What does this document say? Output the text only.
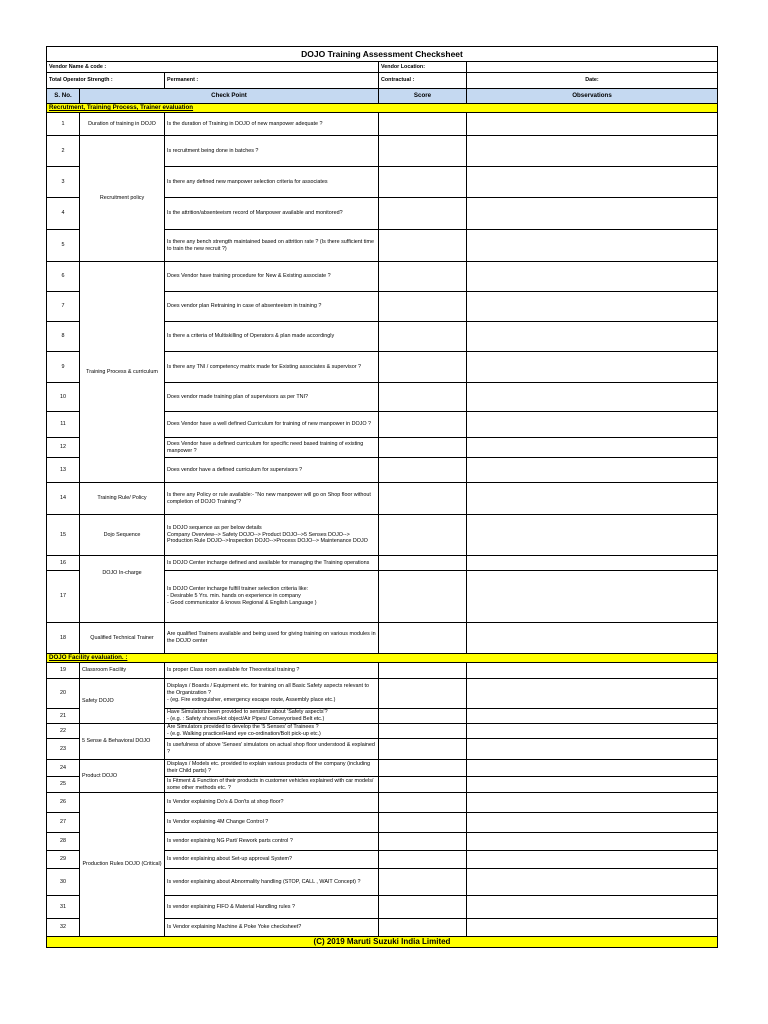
DOJO Training Assessment Checksheet				
Vendor Name & code :			Vendor Location:	
Total Operator Strength :		Permanent :	Contractual :	Date:
S. No.	Check Point		Score	Observations
Recrutment, Training Process, Trainer evaluation				
1	Duration of training in DOJO	Is the duration of Training in DOJO of new manpower adequate ?		
2	Recruitment policy	Is recruitment being done in batches ?		
3		Is there any defined new manpower selection criteria for associates		
4		Is the attrition/absenteeism record of Manpower available and monitored?		
5		Is there any bench strength maintained based on attrition rate ? (Is there sufficient time to train the new recruit ?)		
6	Training Process & curriculum	Does Vendor have training procedure for New & Existing associate ?		
7		Does vendor plan Retraining in case of absenteeism in training ?		
8		Is there a criteria of Multiskilling of Operators & plan made accordingly		
9		Is there any TNI / competency matrix made for Existing associates & supervisor ?		
10		Does vendor made training plan of supervisors as per TNI?		
11		Does Vendor have a well defined Curriculum for training of new manpower in DOJO ?		
12		Does Vendor have a defined curriculum for specific need based training of existing manpower ?		
13		Does vendor have a defined curriculum for supervisors ?		
14	Training Rule/ Policy	Is there any Policy or rule available:- "No new manpower will go on Shop floor without completion of DOJO Training"?		
15	Dojo Sequence	Is DOJO sequence as per below details
Company Overview--> Safety DOJO--> Product DOJO-->5 Senses DOJO--> Production Rule DOJO-->Inspection DOJO-->Process DOJO--> Maintenance DOJO		

16	DOJO In-charge	Is DOJO Center incharge defined and available for managing the Training operations		
17		Is DOJO Center incharge fulfill trainer selection criteria like:
- Desirable 5 Yrs. min. hands on experience in company
- Good communicator & knows Regional & English Language )		

18	Qualified Technical Trainer	Are qualified Trainers available and being used for giving training on various modules in the DOJO center		
DOJO Facility evaluation. :				
19	Classroom Facility	Is proper Class room available for Theoretical training ?		
20	Safety DOJO	Displays / Boards / Equipment etc. for training on all Basic Safety aspects relevant to the Organization ?
- (eg. Fire extinguisher, emergency escape route, Assembly place etc.)		

21		Have Simulators been provided to sensitize about 'Safety aspects'?
- (e.g. : Safety shoes/Hot object/Air Pipes/ Conveyorised Belt etc.)		

22	5 Sense & Behavioral DOJO	Are Simulators provided to develop the '5 Senses' of Trainees ?
- (e.g. Walking practice/Hand eye co-ordination/Bolt pick-up etc.)		

23		Is usefulness of above 'Senses' simulators on actual shop floor understood & explained ?		
24	Product DOJO	Displays / Models etc. provided to explain various products of the company (including their Child parts) ?		
25		Is Fitment & Function of their products in customer vehicles explained with car models/ some other methods etc. ?		
26	Production Rules DOJO (Critical)	Is Vendor explaining Do's & Don'ts at shop floor?		
27		Is Vendor explaining 4M Change Control ?		
28		Is vendor explaining NG Part/ Rework parts control ?		
29		Is vendor explaining about Set-up approval System?		
30		Is vendor explaining about Abnormality handling (STOP, CALL , WAIT Concept) ?		
31		Is vendor explaining FIFO & Material Handling rules ?		
32		Is Vendor explaining Machine & Poke Yoke checksheet?		
(C) 2019 Maruti Suzuki India Limited				
